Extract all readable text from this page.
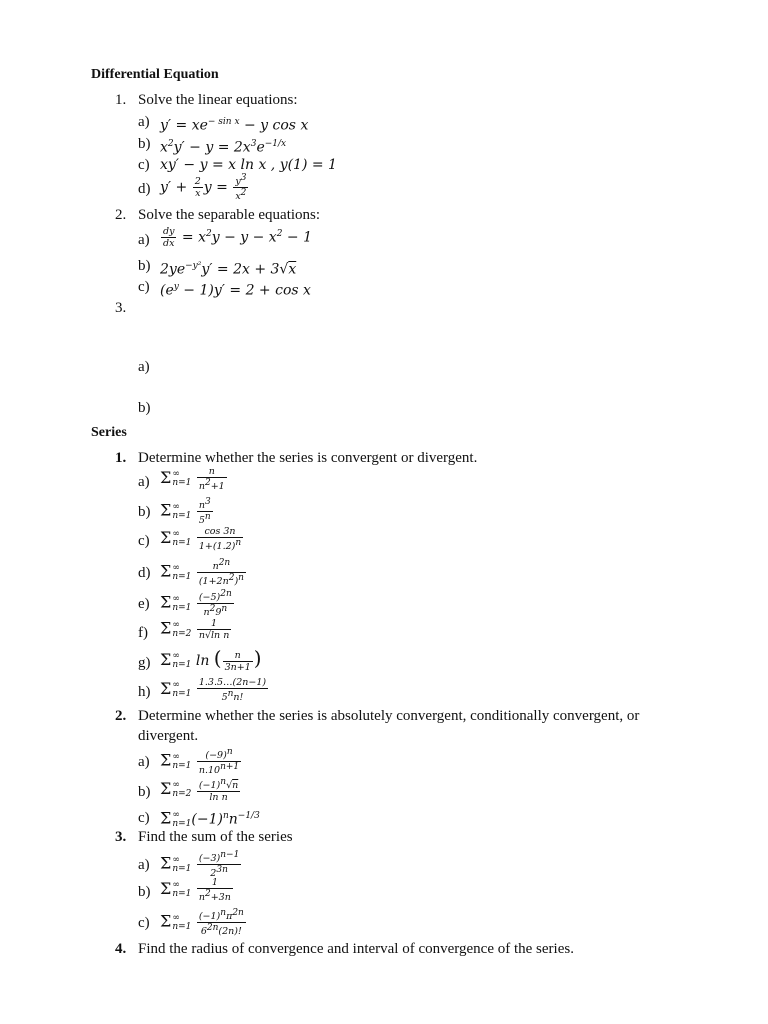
Differential Equation
1. Solve the linear equations:
a) $y' = xe^{- sin x} - y$ cos x
b) $x^2y' - y = 2x^3e^{-1/x}$
c) xy′ − y = x ln x , y(1) = 1
d) $y' + \frac{2}{x}$ $y = \frac{y^3}{x^2}$
2. Solve the separable equations:
$a) \frac{dy}{dx} = x^2y - y - x^2 - 1$
b) $2ye^{-y^2}y' = 2x + 3√x$
c) $(e^y - 1)y' = 2 + \cos x$
3.
a)
b)
Series
1. Determine whether the series is convergent or divergent.
a) Σ ∞
n=1
$\frac{n}{n^2+1}$
b) Σ ∞
n=1
$\frac{n^3}{5^n}$
c) Σ ∞
n=1
$\frac{\cos 3n}{1+(1.2)^n}$
d) Σ ∞
n=1
$\frac{n^{2n}}{(1+2n^2)^n}$
e) Σ ∞
n=1
$\frac{(-5)^{2n}}{n^29^n}$
f) Σ ∞
n=2
$\frac{1}{\text{n√ln n}}$
g) Σ ∞
n=1 ln ( $\frac{n}{3n+1}$ )
h) Σ ∞
n=1
$\frac{1.3.5\dots(2n-1)}{5^nn!}$
2. Determine whether the series is absolutely convergent, conditionally convergent, or
divergent.
a) Σ ∞
n=1
$\frac{(-9)^n}{n.10^{n+1}}$
b) Σ ∞
n=2
$\frac{(-1)^n√n}{\text{ln n}}$
c) Σ ∞
n=1 $(-1)^nn^{-1/3}$
3. Find the sum of the series
a) Σ ∞
n=1
$\frac{(-3)^{n-1}}{2^{3n}}$
b) Σ ∞
n=1
$\frac{1}{n^2+3n}$
c) Σ ∞
n=1
$\frac{(-1)^n\pi^{2n}}{6^{2n}(2n)!}$
4. Find the radius of convergence and interval of convergence of the series.
